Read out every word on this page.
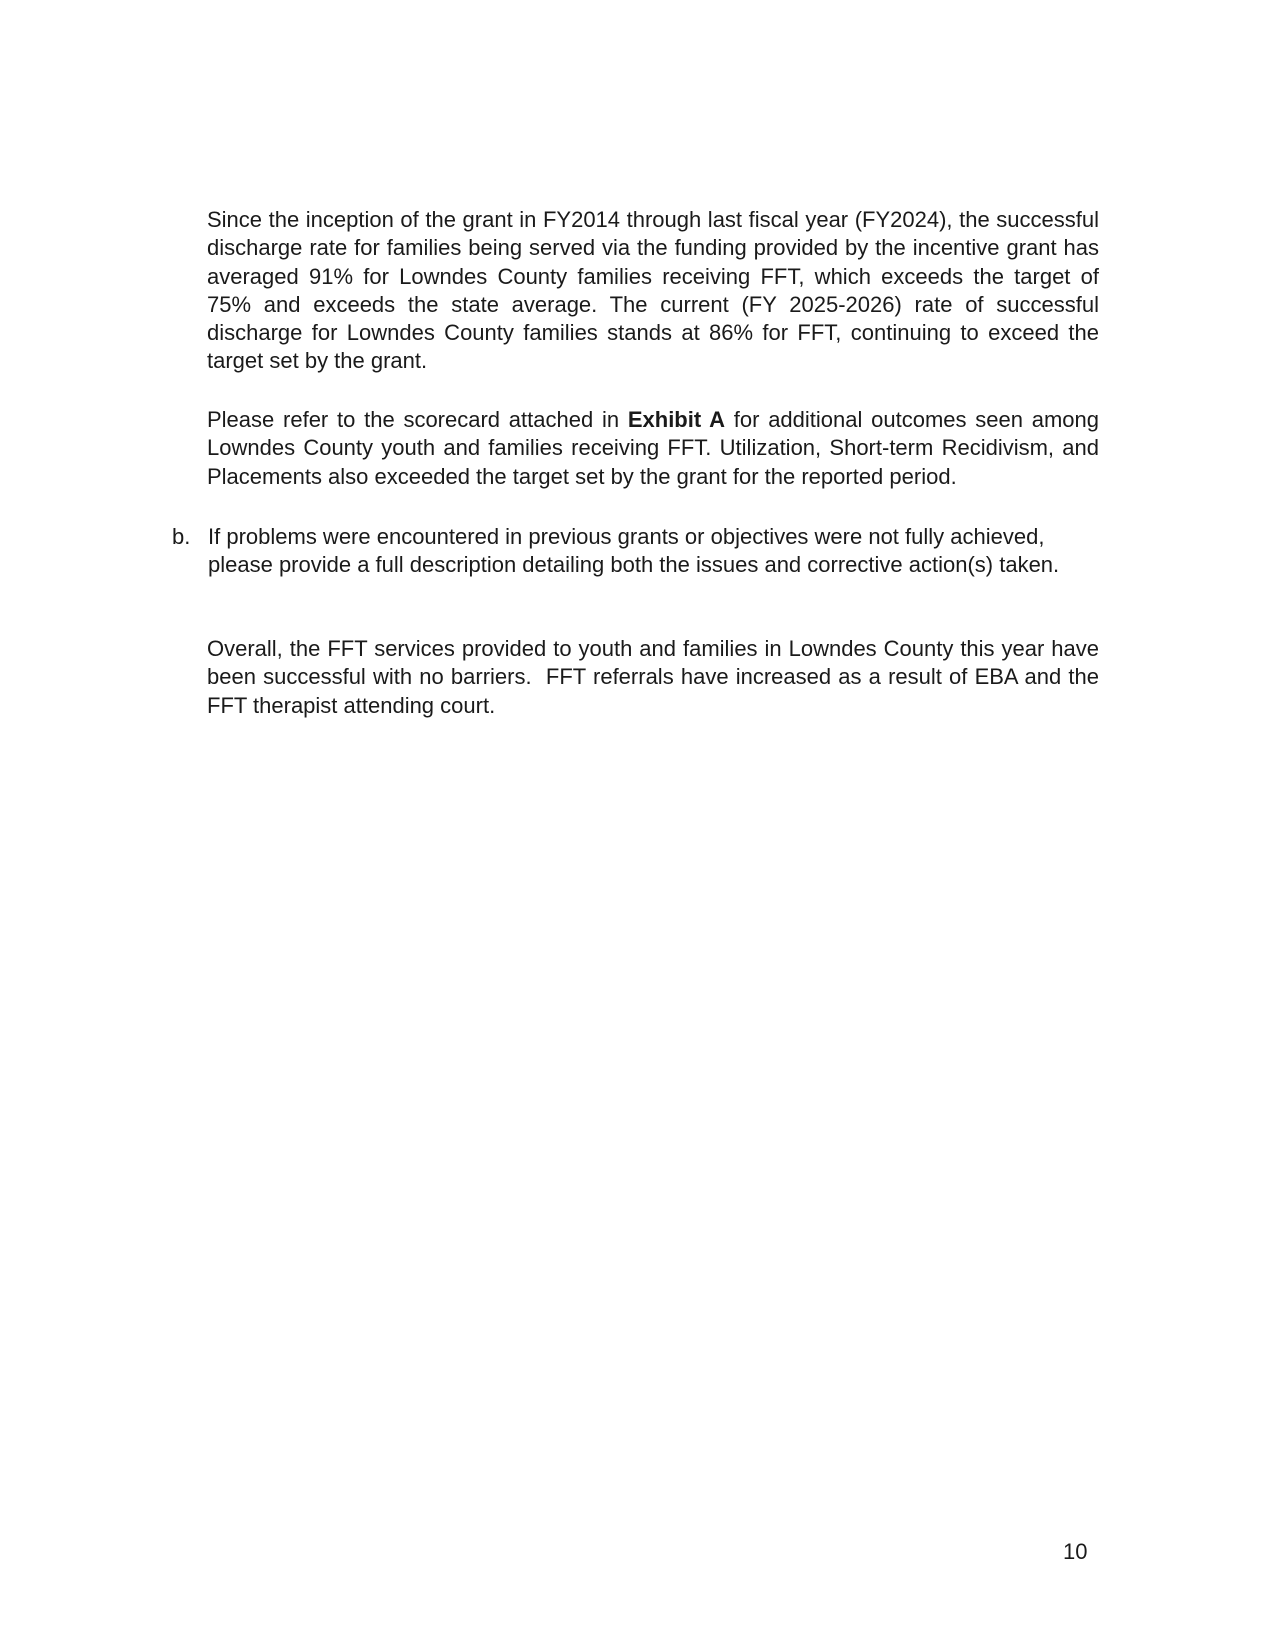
Since the inception of the grant in FY2014 through last fiscal year (FY2024), the successful discharge rate for families being served via the funding provided by the incentive grant has averaged 91% for Lowndes County families receiving FFT, which exceeds the target of 75% and exceeds the state average. The current (FY 2025-2026) rate of successful discharge for Lowndes County families stands at 86% for FFT, continuing to exceed the target set by the grant.

Please refer to the scorecard attached in Exhibit A for additional outcomes seen among Lowndes County youth and families receiving FFT. Utilization, Short-term Recidivism, and Placements also exceeded the target set by the grant for the reported period.

b. If problems were encountered in previous grants or objectives were not fully achieved, please provide a full description detailing both the issues and corrective action(s) taken.

Overall, the FFT services provided to youth and families in Lowndes County this year have been successful with no barriers.  FFT referrals have increased as a result of EBA and the FFT therapist attending court.

10
